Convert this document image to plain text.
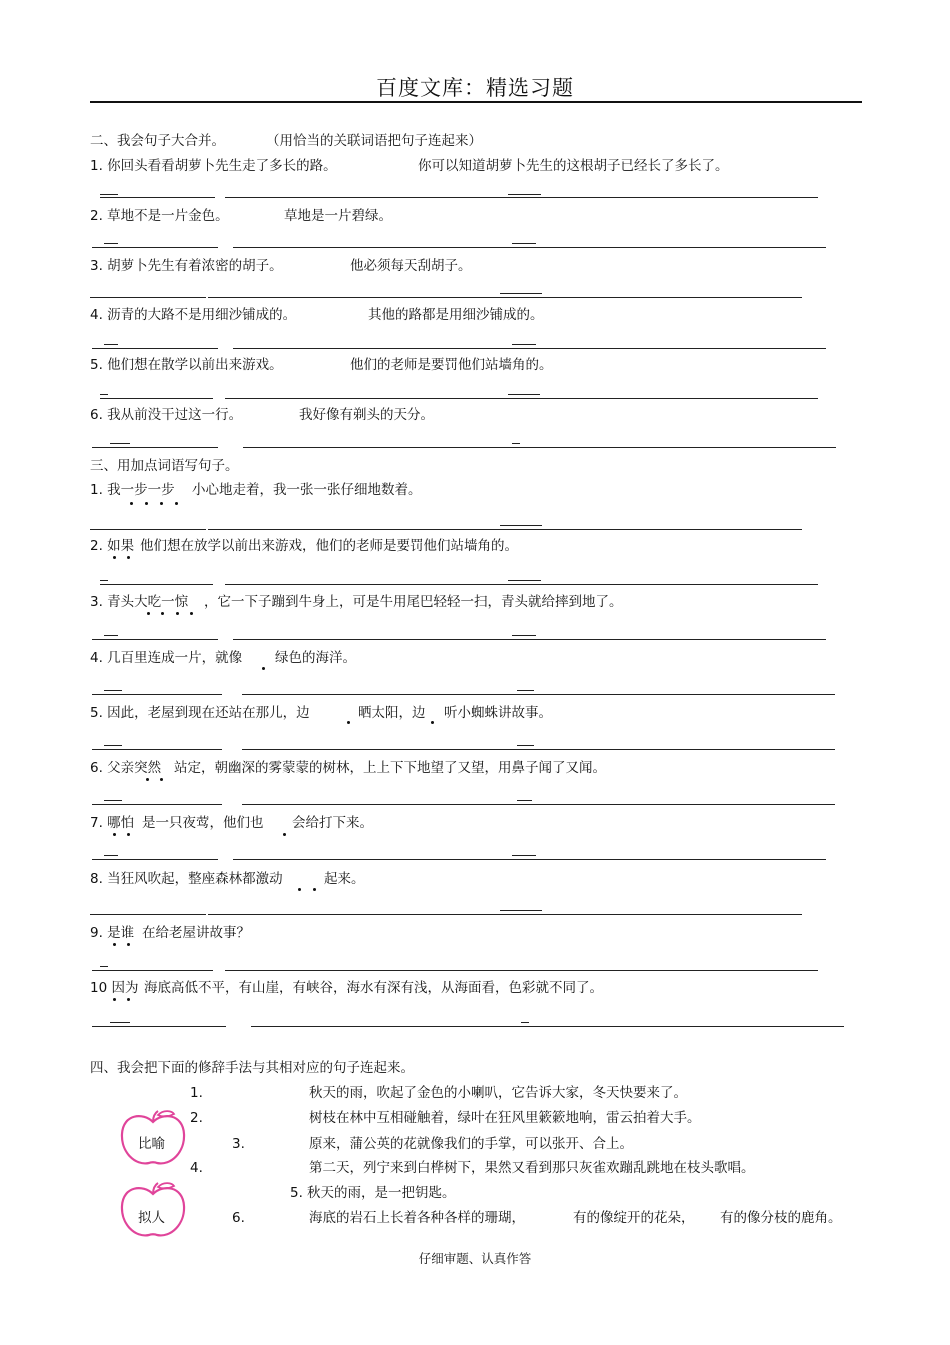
百度文库：精选习题
二、我会句子大合并。	（用恰当的关联词语把句子连起来）
1. 你回头看看胡萝卜先生走了多长的路。	你可以知道胡萝卜先生的这根胡子已经长了多长了。
2. 草地不是一片金色。	草地是一片碧绿。
3. 胡萝卜先生有着浓密的胡子。	他必须每天刮胡子。
4. 沥青的大路不是用细沙铺成的。	其他的路都是用细沙铺成的。
5. 他们想在散学以前出来游戏。	他们的老师是要罚他们站墙角的。
6. 我从前没干过这一行。	我好像有剃头的天分。
三、用加点词语写句子。
1. 我一步一步 小心地走着，我一张一张仔细地数着。
2. 如果 他们想在放学以前出来游戏，他们的老师是要罚他们站墙角的。
3. 青头大吃一惊 ，它一下子蹦到牛身上，可是牛用尾巴轻轻一扫，青头就给摔到地了。
4. 几百里连成一片，就像 绿色的海洋。
5. 因此，老屋到现在还站在那儿，边	晒太阳，边 听小蜘蛛讲故事。
6. 父亲突然 站定，朝幽深的雾蒙蒙的树林，上上下下地望了又望，用鼻子闻了又闻。
7. 哪怕 是一只夜莺，他们也 会给打下来。
8. 当狂风吹起，整座森林都激动	起来。
9. 是谁 在给老屋讲故事？
10 因为 海底高低不平，有山崖，有峡谷，海水有深有浅，从海面看，色彩就不同了。
四、我会把下面的修辞手法与其相对应的句子连起来。
比喻
拟人
1.	秋天的雨，吹起了金色的小喇叭，它告诉大家，冬天快要来了。
2.	树枝在林中互相碰触着，绿叶在狂风里簌簌地响，雷云拍着大手。
3.	原来，蒲公英的花就像我们的手掌，可以张开、合上。
4.	第二天，列宁来到白桦树下，果然又看到那只灰雀欢蹦乱跳地在枝头歌唱。
5. 秋天的雨，是一把钥匙。
6.	海底的岩石上长着各种各样的珊瑚，	有的像绽开的花朵， 有的像分枝的鹿角。
仔细审题、认真作答
